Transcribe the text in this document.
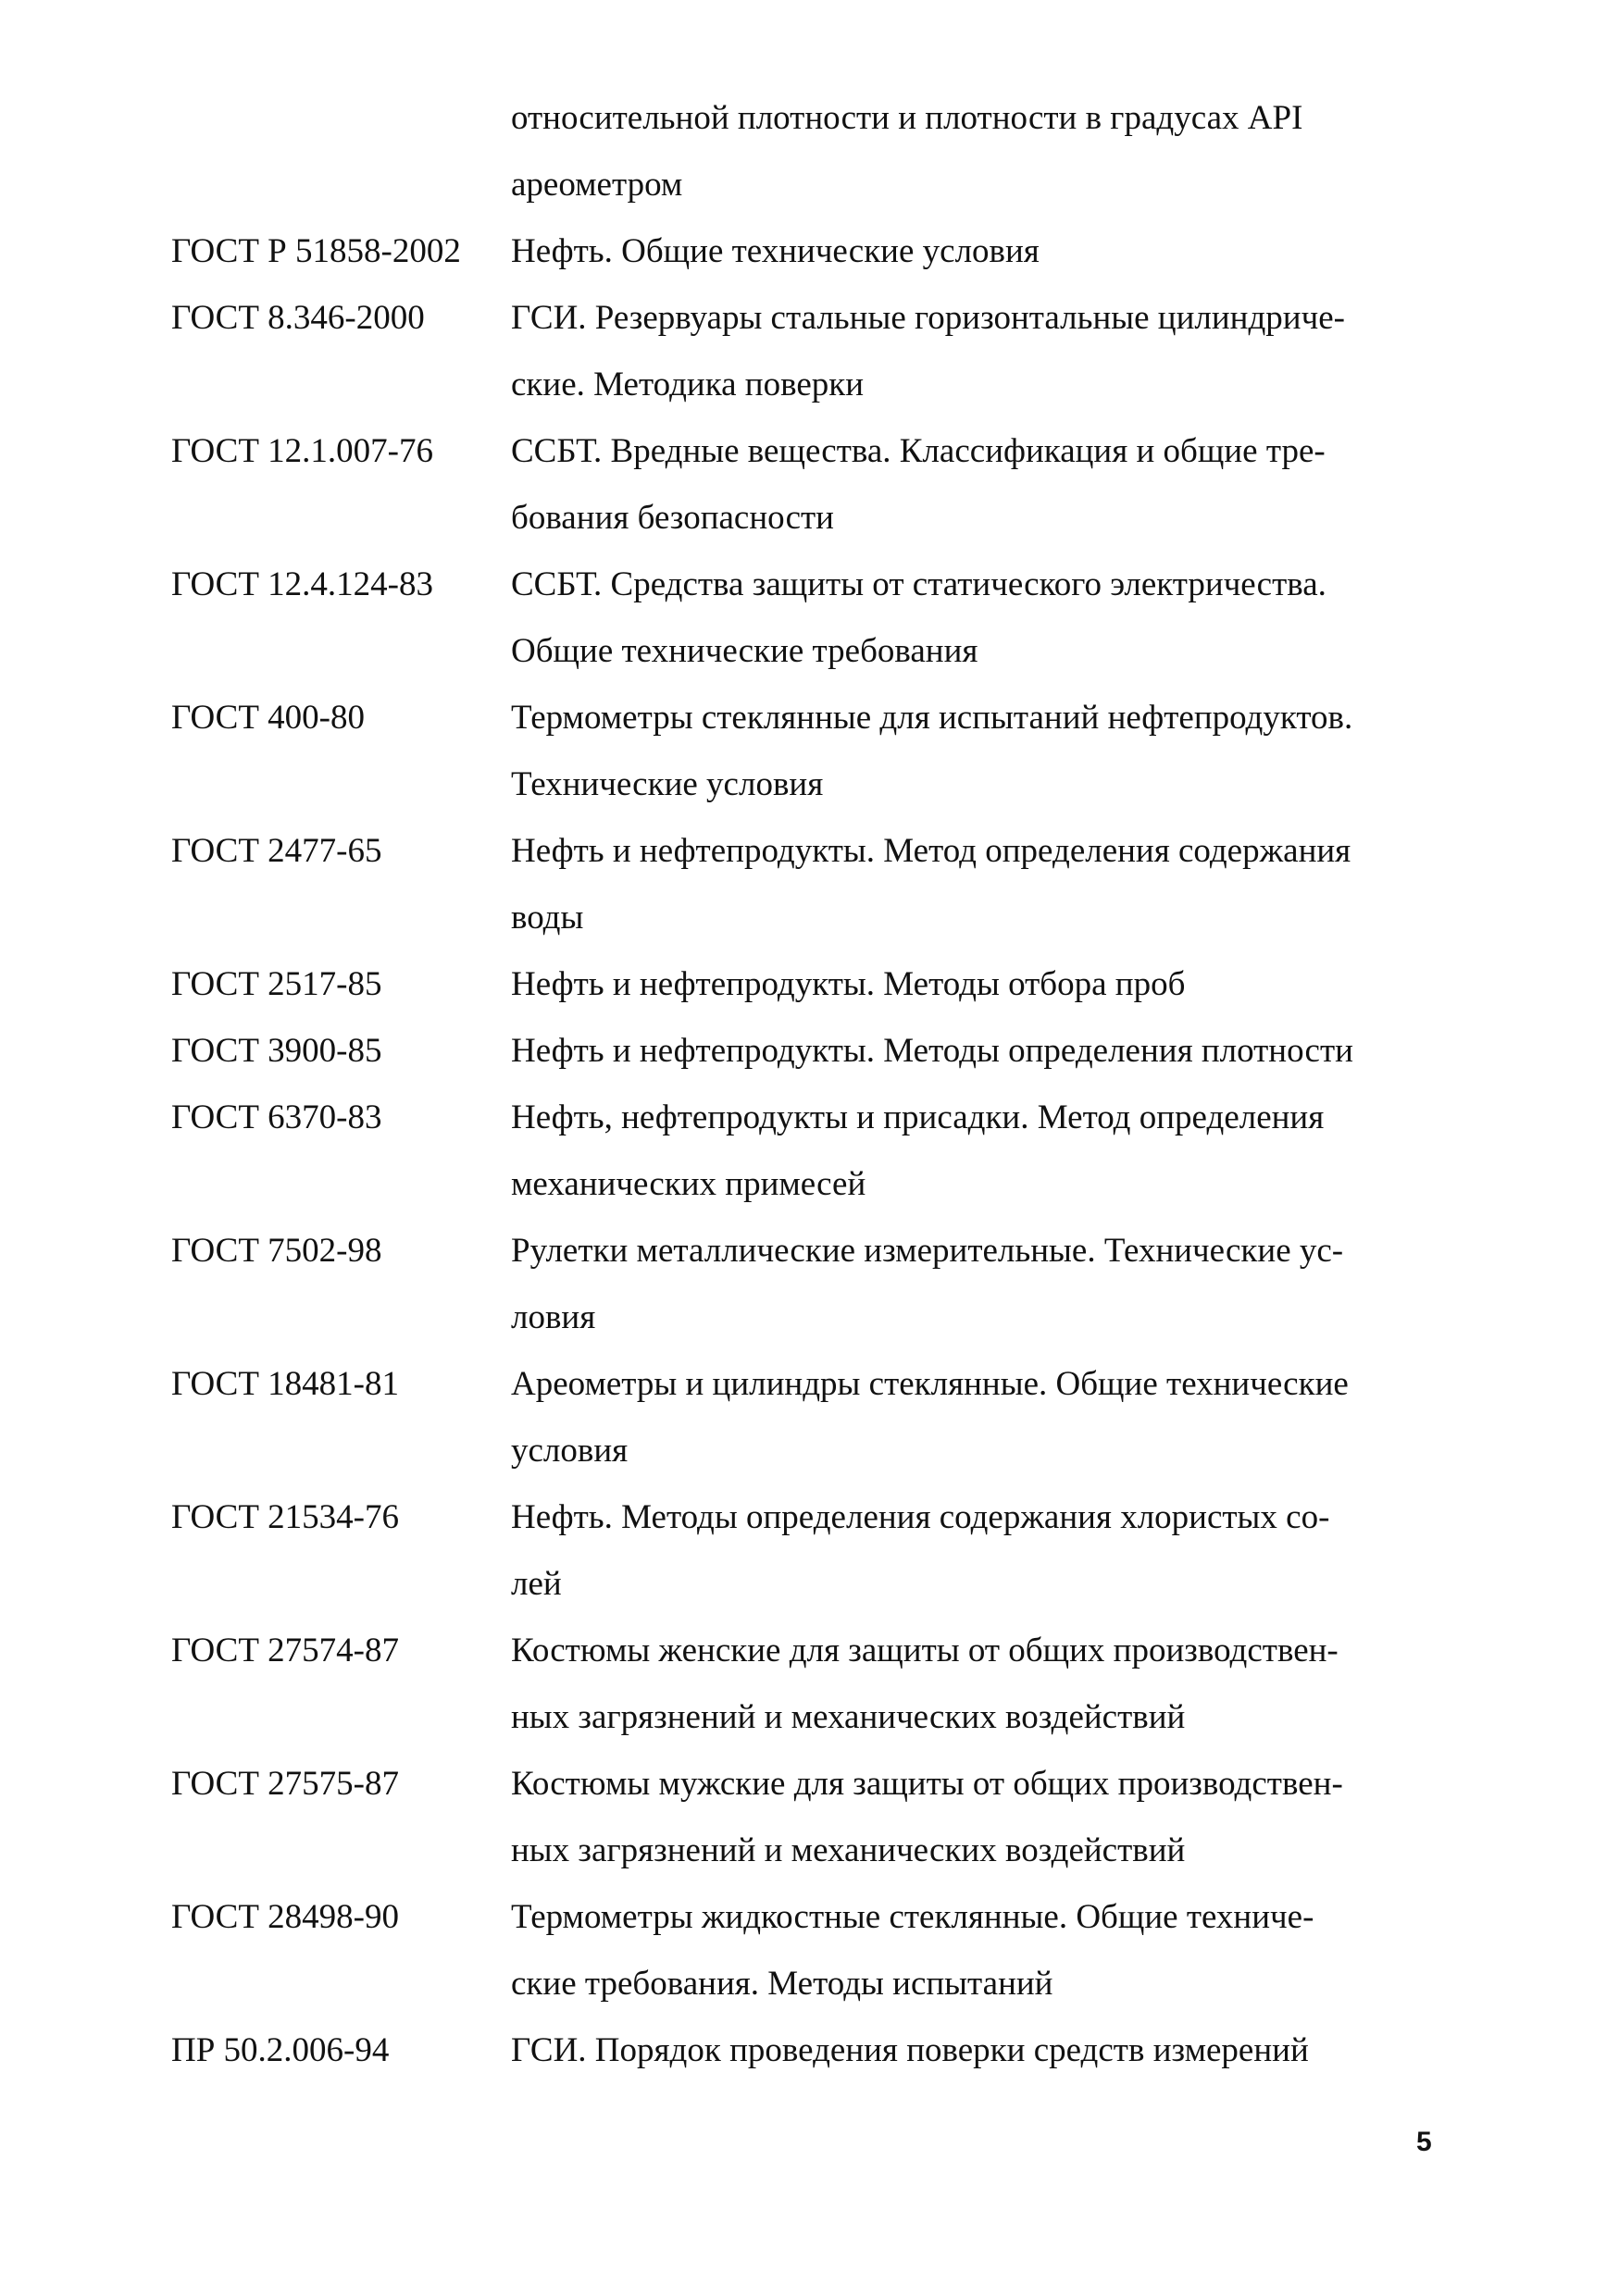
относительной плотности и плотности в градусах API
ареометром
ГОСТ Р 51858-2002	Нефть. Общие технические условия
ГОСТ 8.346-2000	ГСИ. Резервуары стальные горизонтальные цилиндриче-
ские. Методика поверки
ГОСТ 12.1.007-76	ССБТ. Вредные вещества. Классификация и общие тре-
бования безопасности
ГОСТ 12.4.124-83	ССБТ. Средства защиты от статического электричества.
Общие технические требования
ГОСТ 400-80	Термометры стеклянные для испытаний нефтепродуктов.
Технические условия
ГОСТ 2477-65	Нефть и нефтепродукты. Метод определения содержания
воды
ГОСТ 2517-85	Нефть и нефтепродукты. Методы отбора проб
ГОСТ 3900-85	Нефть и нефтепродукты. Методы определения плотности
ГОСТ 6370-83	Нефть, нефтепродукты и присадки. Метод определения
механических примесей
ГОСТ 7502-98	Рулетки металлические измерительные. Технические ус-
ловия
ГОСТ 18481-81	Ареометры и цилиндры стеклянные. Общие технические
условия
ГОСТ 21534-76	Нефть. Методы определения содержания хлористых со-
лей
ГОСТ 27574-87	Костюмы женские для защиты от общих производствен-
ных загрязнений и механических воздействий
ГОСТ 27575-87	Костюмы мужские для защиты от общих производствен-
ных загрязнений и механических воздействий
ГОСТ 28498-90	Термометры жидкостные стеклянные. Общие техниче-
ские требования. Методы испытаний
ПР 50.2.006-94	ГСИ. Порядок проведения поверки средств измерений
5
